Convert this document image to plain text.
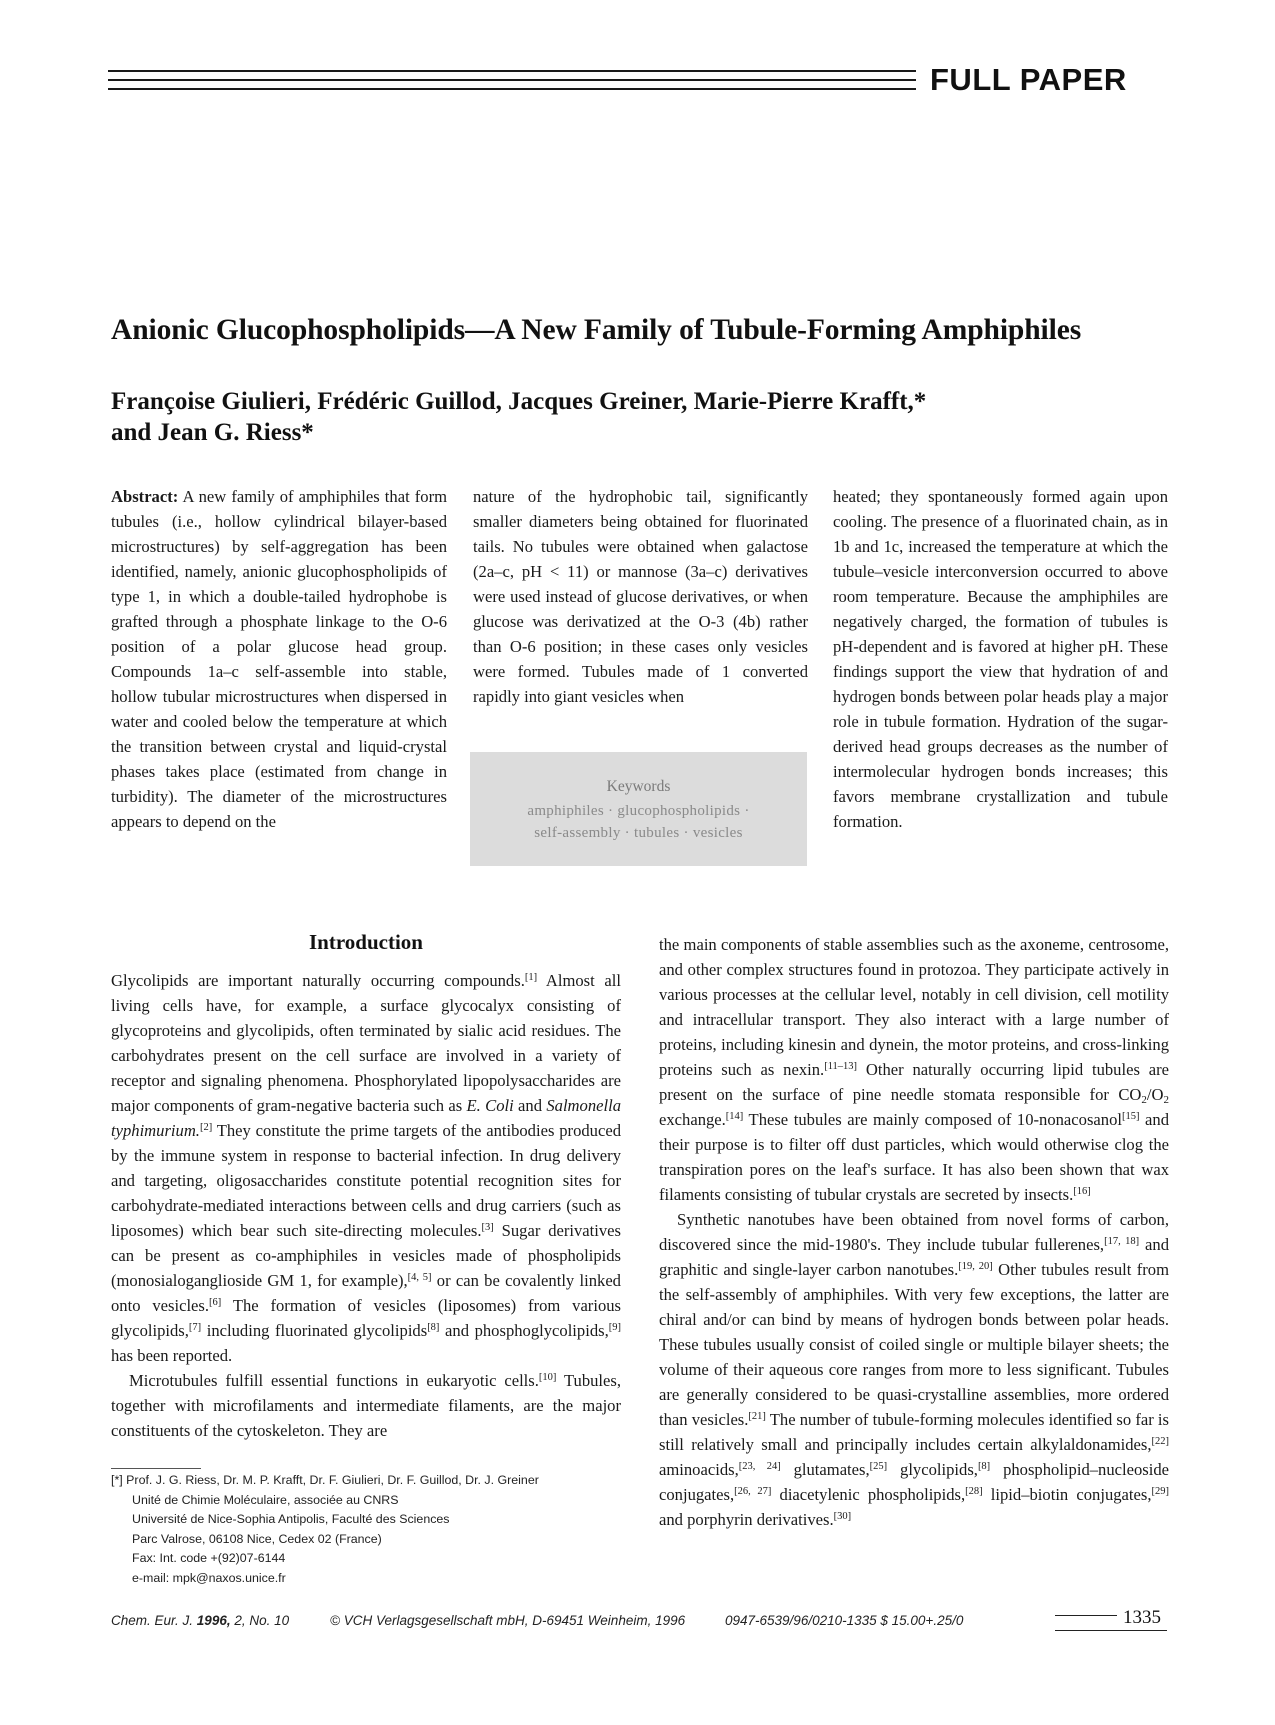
FULL PAPER
Anionic Glucophospholipids—A New Family of Tubule-Forming Amphiphiles
Françoise Giulieri, Frédéric Guillod, Jacques Greiner, Marie-Pierre Krafft,*
and Jean G. Riess*

Abstract: A new family of amphiphiles that form tubules (i.e., hollow cylindrical bilayer-based microstructures) by self-aggregation has been identified, namely, anionic glucophospholipids of type 1, in which a double-tailed hydrophobe is grafted through a phosphate linkage to the O-6 position of a polar glucose head group. Compounds 1a–c self-assemble into stable, hollow tubular microstructures when dispersed in water and cooled below the temperature at which the transition between crystal and liquid-crystal phases takes place (estimated from change in turbidity). The diameter of the microstructures appears to depend on the

nature of the hydrophobic tail, significantly smaller diameters being obtained for fluorinated tails. No tubules were obtained when galactose (2a–c, pH < 11) or mannose (3a–c) derivatives were used instead of glucose derivatives, or when glucose was derivatized at the O-3 (4b) rather than O-6 position; in these cases only vesicles were formed. Tubules made of 1 converted rapidly into giant vesicles when

heated; they spontaneously formed again upon cooling. The presence of a fluorinated chain, as in 1b and 1c, increased the temperature at which the tubule–vesicle interconversion occurred to above room temperature. Because the amphiphiles are negatively charged, the formation of tubules is pH-dependent and is favored at higher pH. These findings support the view that hydration of and hydrogen bonds between polar heads play a major role in tubule formation. Hydration of the sugar-derived head groups decreases as the number of intermolecular hydrogen bonds increases; this favors membrane crystallization and tubule formation.

Keywords
amphiphiles · glucophospholipids ·
self-assembly · tubules · vesicles
Introduction

Glycolipids are important naturally occurring compounds.[1] Almost all living cells have, for example, a surface glycocalyx consisting of glycoproteins and glycolipids, often terminated by sialic acid residues. The carbohydrates present on the cell surface are involved in a variety of receptor and signaling phenomena. Phosphorylated lipopolysaccharides are major components of gram-negative bacteria such as E. Coli and Salmonella typhimurium.[2] They constitute the prime targets of the antibodies produced by the immune system in response to bacterial infection. In drug delivery and targeting, oligosaccharides constitute potential recognition sites for carbohydrate-mediated interactions between cells and drug carriers (such as liposomes) which bear such site-directing molecules.[3] Sugar derivatives can be present as co-amphiphiles in vesicles made of phospholipids (monosialoganglioside GM 1, for example),[4, 5] or can be covalently linked onto vesicles.[6] The formation of vesicles (liposomes) from various glycolipids,[7] including fluorinated glycolipids[8] and phosphoglycolipids,[9] has been reported.

Microtubules fulfill essential functions in eukaryotic cells.[10] Tubules, together with microfilaments and intermediate filaments, are the major constituents of the cytoskeleton. They are

the main components of stable assemblies such as the axoneme, centrosome, and other complex structures found in protozoa. They participate actively in various processes at the cellular level, notably in cell division, cell motility and intracellular transport. They also interact with a large number of proteins, including kinesin and dynein, the motor proteins, and cross-linking proteins such as nexin.[11–13] Other naturally occurring lipid tubules are present on the surface of pine needle stomata responsible for $CO_2/O_2$ exchange.[14] These tubules are mainly composed of 10-nonacosanol[15] and their purpose is to filter off dust particles, which would otherwise clog the transpiration pores on the leaf's surface. It has also been shown that wax filaments consisting of tubular crystals are secreted by insects.[16]

Synthetic nanotubes have been obtained from novel forms of carbon, discovered since the mid-1980's. They include tubular fullerenes,[17, 18] and graphitic and single-layer carbon nanotubes.[19, 20] Other tubules result from the self-assembly of amphiphiles. With very few exceptions, the latter are chiral and/or can bind by means of hydrogen bonds between polar heads. These tubules usually consist of coiled single or multiple bilayer sheets; the volume of their aqueous core ranges from more to less significant. Tubules are generally considered to be quasi-crystalline assemblies, more ordered than vesicles.[21] The number of tubule-forming molecules identified so far is still relatively small and principally includes certain alkylaldonamides,[22] aminoacids,[23, 24] glutamates,[25] glycolipids,[8] phospholipid–nucleoside conjugates,[26, 27] diacetylenic phospholipids,[28] lipid–biotin conjugates,[29] and porphyrin derivatives.[30]

[*] Prof. J. G. Riess, Dr. M. P. Krafft, Dr. F. Giulieri, Dr. F. Guillod, Dr. J. Greiner
Unité de Chimie Moléculaire, associée au CNRS
Université de Nice-Sophia Antipolis, Faculté des Sciences
Parc Valrose, 06108 Nice, Cedex 02 (France)
Fax: Int. code +(92)07-6144
e-mail: mpk@naxos.unice.fr
Chem. Eur. J. 1996, 2, No. 10	© VCH Verlagsgesellschaft mbH, D-69451 Weinheim, 1996	0947-6539/96/0210-1335 $ 15.00+.25/0	1335
